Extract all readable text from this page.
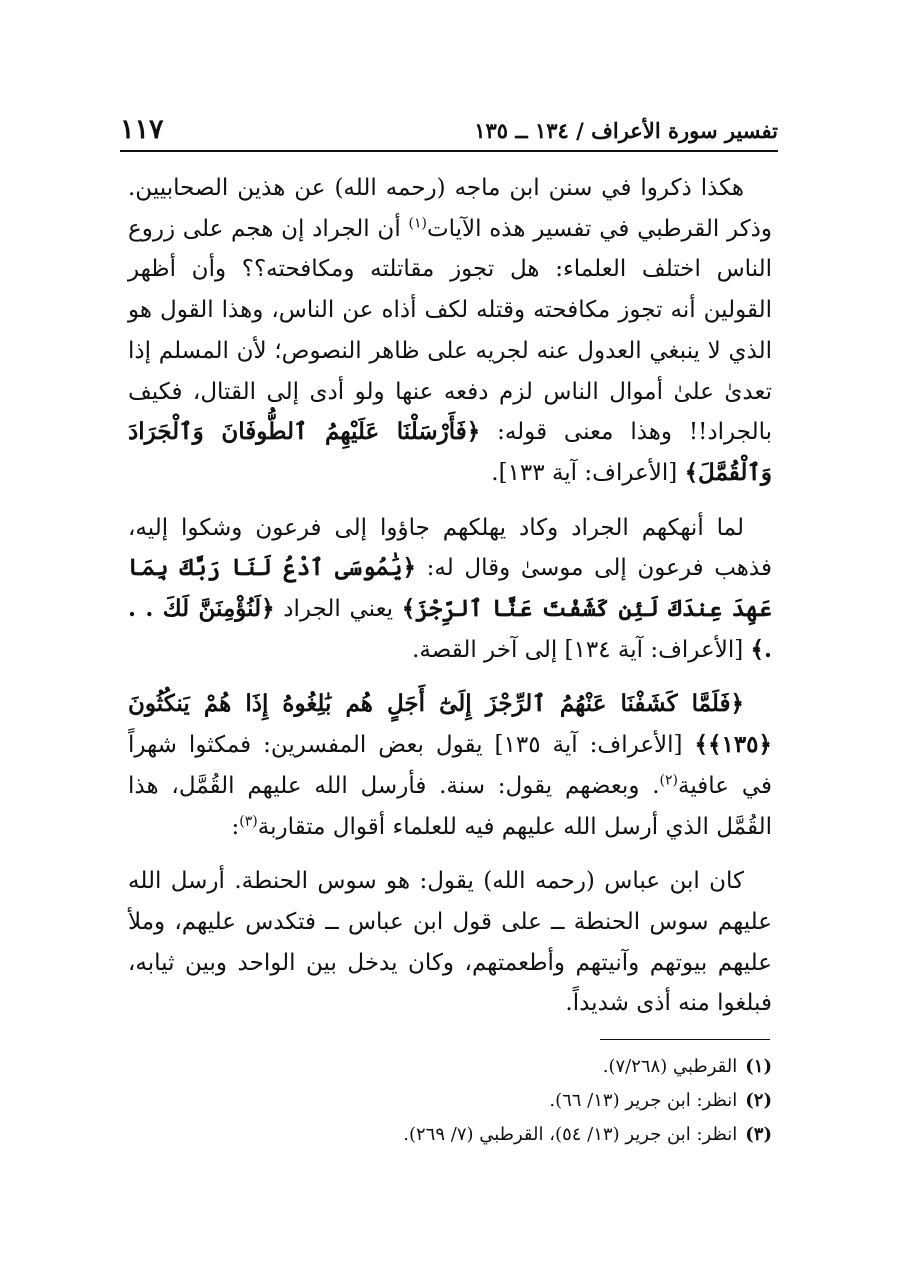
تفسير سورة الأعراف / ١٣٤ ــ ١٣٥
١١٧

هكذا ذكروا في سنن ابن ماجه (رحمه الله) عن هذين الصحابيين. وذكر القرطبي في تفسير هذه الآيات$^{(١)}$ أن الجراد إن هجم على زروع الناس اختلف العلماء: هل تجوز مقاتلته ومكافحته؟؟ وأن أظهر القولين أنه تجوز مكافحته وقتله لكف أذاه عن الناس، وهذا القول هو الذي لا ينبغي العدول عنه لجريه على ظاهر النصوص؛ لأن المسلم إذا تعدىٰ علىٰ أموال الناس لزم دفعه عنها ولو أدى إلى القتال، فكيف بالجراد!! وهذا معنى قوله: ﴿فَأَرْسَلْنَا عَلَيْهِمُ ٱلطُّوفَانَ وَٱلْجَرَادَ وَٱلْقُمَّلَ﴾ [الأعراف: آية ١٣٣].

لما أنهكهم الجراد وكاد يهلكهم جاؤوا إلى فرعون وشكوا إليه، فذهب فرعون إلى موسىٰ وقال له: ﴿يَٰمُوسَى ٱدْعُ لَنَا رَبَّكَ بِمَا عَهِدَ عِندَكَ لَئِن كَشَفْتَ عَنَّا ٱلرِّجْزَ﴾ يعني الجراد ﴿لَنُؤْمِنَنَّ لَكَ . . .﴾ [الأعراف: آية ١٣٤] إلى آخر القصة.

﴿فَلَمَّا كَشَفْنَا عَنْهُمُ ٱلرِّجْزَ إِلَىٰٓ أَجَلٍ هُم بَٰلِغُوهُ إِذَا هُمْ يَنكُثُونَ ﴿١٣٥﴾﴾ [الأعراف: آية ١٣٥] يقول بعض المفسرين: فمكثوا شهراً في عافية$^{(٢)}$. وبعضهم يقول: سنة. فأرسل الله عليهم القُمَّل، هذا القُمَّل الذي أرسل الله عليهم فيه للعلماء أقوال متقاربة$^{(٣)}$:

كان ابن عباس (رحمه الله) يقول: هو سوس الحنطة. أرسل الله عليهم سوس الحنطة ــ على قول ابن عباس ــ فتكدس عليهم، وملأ عليهم بيوتهم وآنيتهم وأطعمتهم، وكان يدخل بين الواحد وبين ثيابه، فبلغوا منه أذى شديداً.

(١)القرطبي (٧/٢٦٨).

(٢)انظر: ابن جرير (١٣/ ٦٦).

(٣)انظر: ابن جرير (١٣/ ٥٤)، القرطبي (٧/ ٢٦٩).
